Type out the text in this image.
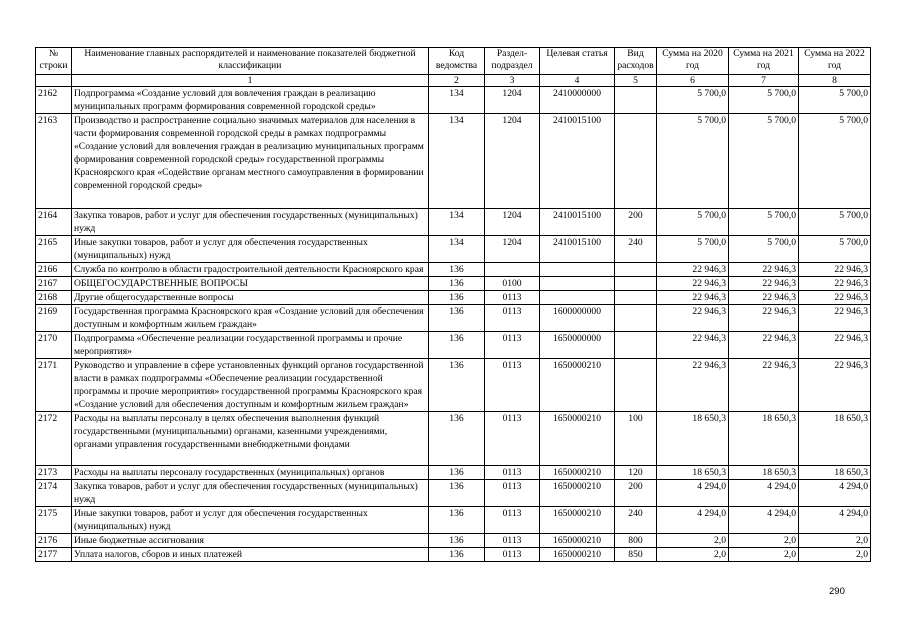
№ строки	Наименование главных распорядителей и наименование показателей бюджетной классификации	Код ведомства	Раздел-подраздел	Целевая статья	Вид расходов	Сумма на 2020 год	Сумма на 2021 год	Сумма на 2022 год
	1	2	3	4	5	6	7	8
2162	Подпрограмма «Создание условий для вовлечения граждан в реализацию муниципальных программ формирования современной городской среды»	134	1204	2410000000		5 700,0	5 700,0	5 700,0
2163	Производство и распространение социально значимых материалов для населения в части формирования современной городской среды в рамках подпрограммы «Создание условий для вовлечения граждан в реализацию муниципальных программ формирования современной городской среды» государственной программы Красноярского края «Содействие органам местного самоуправления в формировании современной городской среды»	134	1204	2410015100		5 700,0	5 700,0	5 700,0
2164	Закупка товаров, работ и услуг для обеспечения государственных (муниципальных) нужд	134	1204	2410015100	200	5 700,0	5 700,0	5 700,0
2165	Иные закупки товаров, работ и услуг для обеспечения государственных (муниципальных) нужд	134	1204	2410015100	240	5 700,0	5 700,0	5 700,0
2166	Служба по контролю в области градостроительной деятельности Красноярского края	136				22 946,3	22 946,3	22 946,3
2167	ОБЩЕГОСУДАРСТВЕННЫЕ ВОПРОСЫ	136	0100			22 946,3	22 946,3	22 946,3
2168	Другие общегосударственные вопросы	136	0113			22 946,3	22 946,3	22 946,3
2169	Государственная программа Красноярского края «Создание условий для обеспечения доступным и комфортным жильем граждан»	136	0113	1600000000		22 946,3	22 946,3	22 946,3
2170	Подпрограмма «Обеспечение реализации государственной программы и прочие мероприятия»	136	0113	1650000000		22 946,3	22 946,3	22 946,3
2171	Руководство и управление в сфере установленных функций органов государственной власти в рамках подпрограммы «Обеспечение реализации государственной программы и прочие мероприятия» государственной программы Красноярского края «Создание условий для обеспечения доступным и комфортным жильем граждан»	136	0113	1650000210		22 946,3	22 946,3	22 946,3
2172	Расходы на выплаты персоналу в целях обеспечения выполнения функций государственными (муниципальными) органами, казенными учреждениями, органами управления государственными внебюджетными фондами	136	0113	1650000210	100	18 650,3	18 650,3	18 650,3
2173	Расходы на выплаты персоналу государственных (муниципальных) органов	136	0113	1650000210	120	18 650,3	18 650,3	18 650,3
2174	Закупка товаров, работ и услуг для обеспечения государственных (муниципальных) нужд	136	0113	1650000210	200	4 294,0	4 294,0	4 294,0
2175	Иные закупки товаров, работ и услуг для обеспечения государственных (муниципальных) нужд	136	0113	1650000210	240	4 294,0	4 294,0	4 294,0
2176	Иные бюджетные ассигнования	136	0113	1650000210	800	2,0	2,0	2,0
2177	Уплата налогов, сборов и иных платежей	136	0113	1650000210	850	2,0	2,0	2,0
290
